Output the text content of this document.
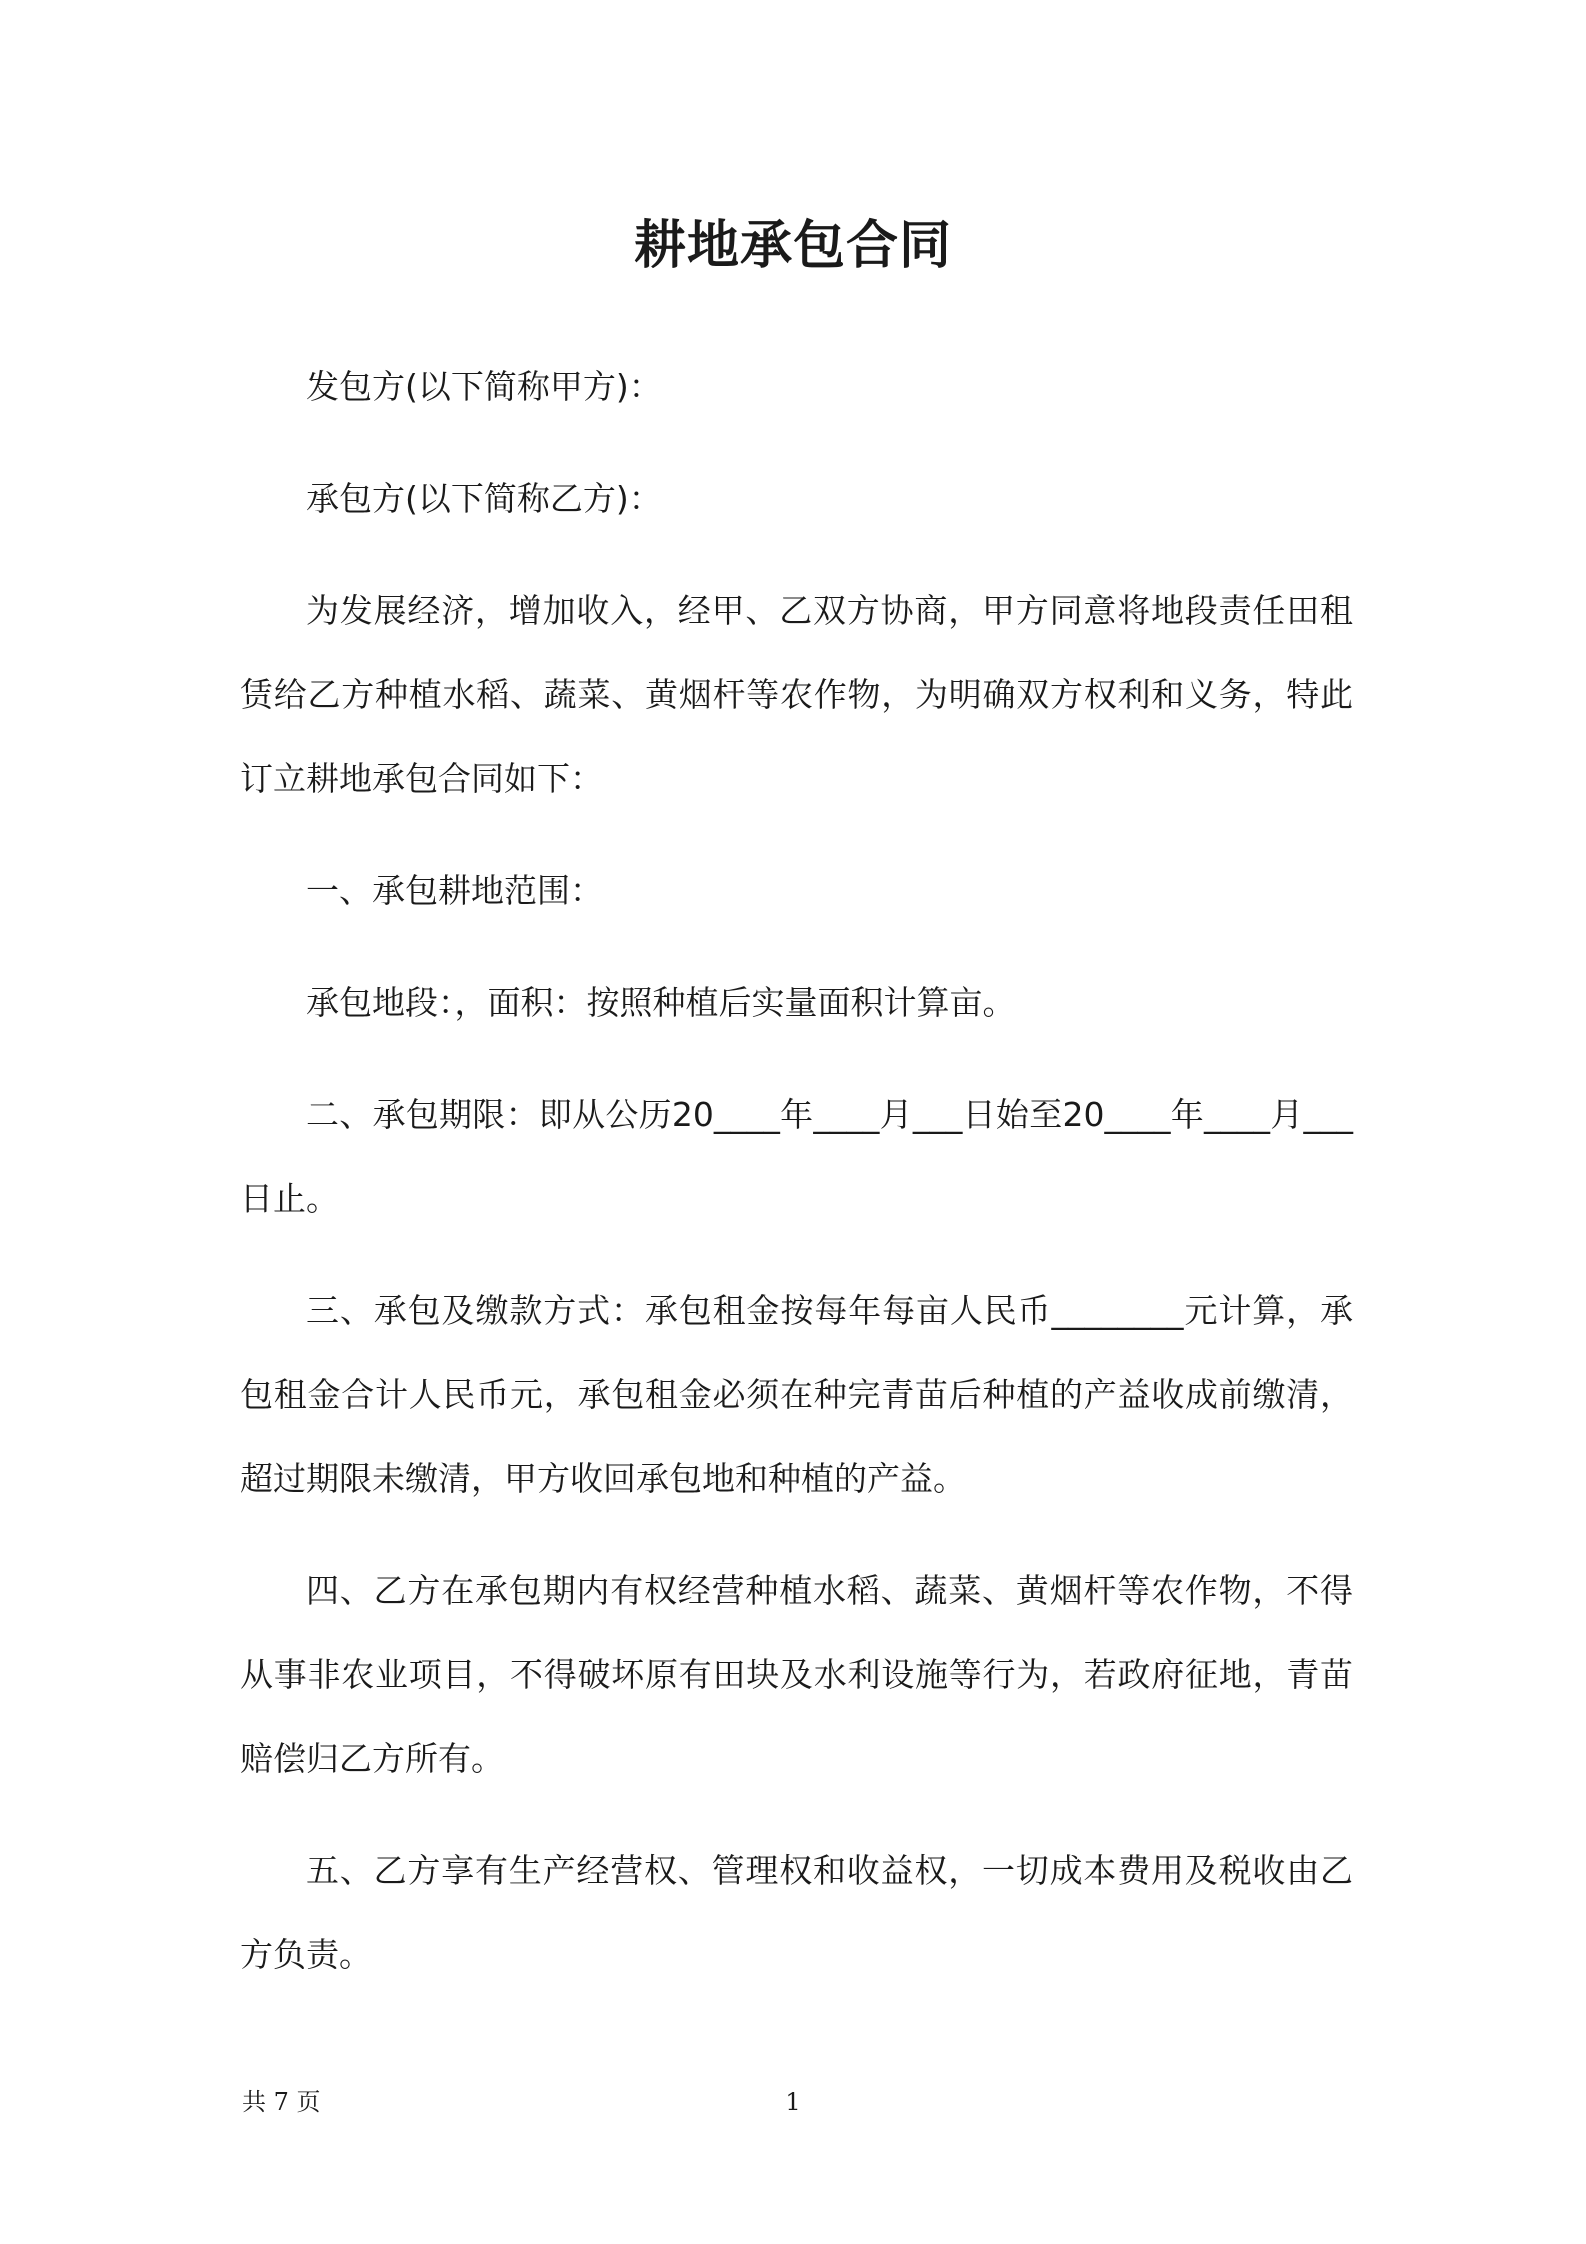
耕地承包合同

发包方(以下简称甲方)：

承包方(以下简称乙方)：

为发展经济，增加收入，经甲、乙双方协商，甲方同意将地段责任田租赁给乙方种植水稻、蔬菜、黄烟杆等农作物，为明确双方权利和义务，特此订立耕地承包合同如下：

一、承包耕地范围：

承包地段：，面积：按照种植后实量面积计算亩。

二、承包期限：即从公历20____年____月___日始至20____年____月___日止。

三、承包及缴款方式：承包租金按每年每亩人民币________元计算，承包租金合计人民币元，承包租金必须在种完青苗后种植的产益收成前缴清，超过期限未缴清，甲方收回承包地和种植的产益。

四、乙方在承包期内有权经营种植水稻、蔬菜、黄烟杆等农作物，不得从事非农业项目，不得破坏原有田块及水利设施等行为，若政府征地，青苗赔偿归乙方所有。

五、乙方享有生产经营权、管理权和收益权，一切成本费用及税收由乙方负责。

共 7 页	1
